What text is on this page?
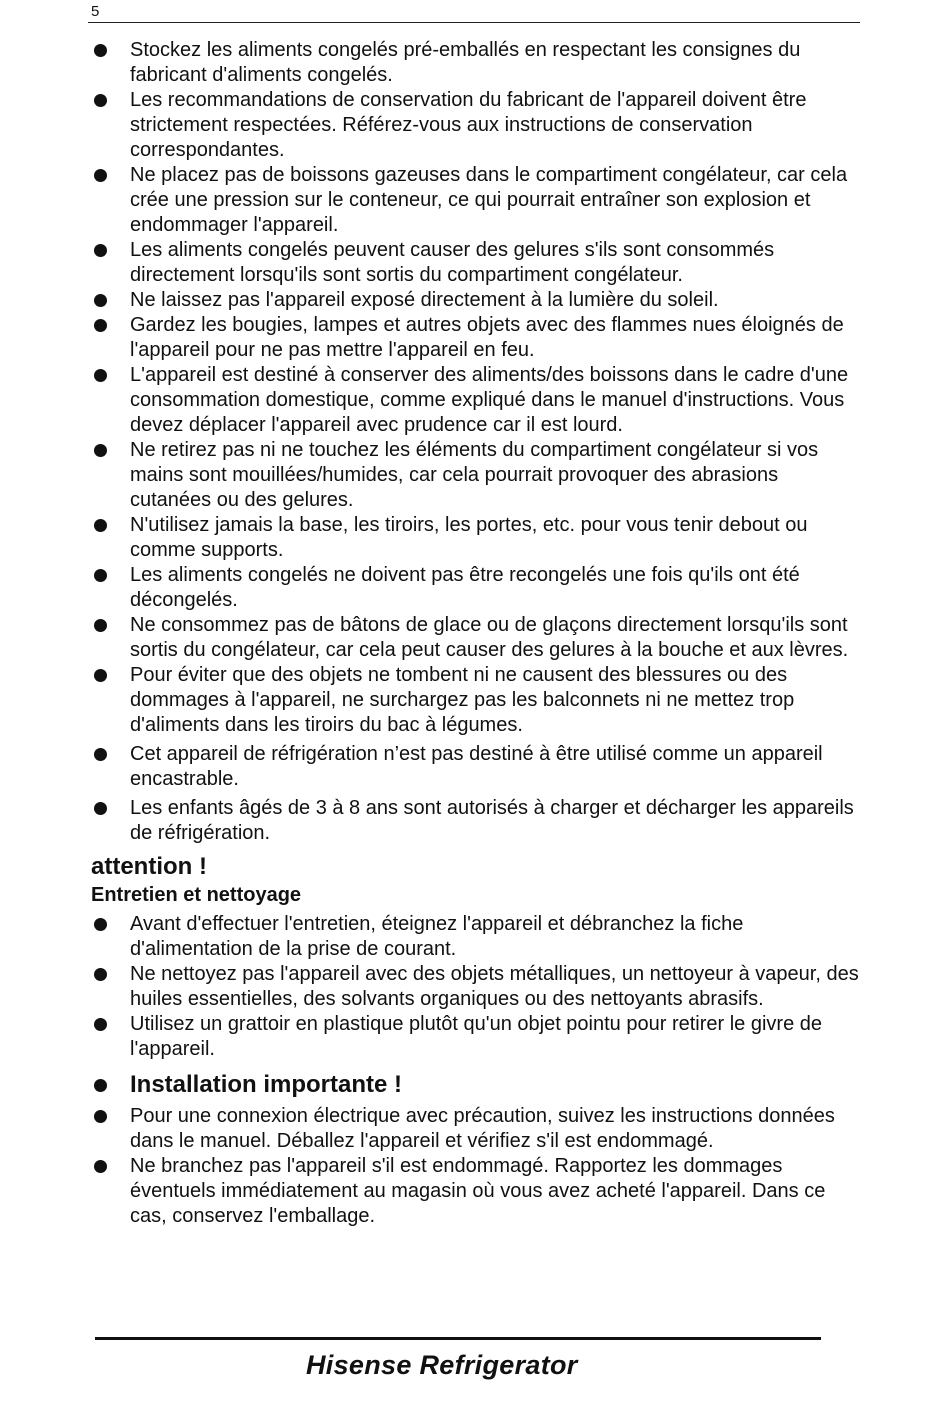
5
Stockez les aliments congelés pré-emballés en respectant les consignes du fabricant d'aliments congelés.
Les recommandations de conservation du fabricant de l'appareil doivent être strictement respectées. Référez-vous aux instructions de conservation correspondantes.
Ne placez pas de boissons gazeuses dans le compartiment congélateur, car cela crée une pression sur le conteneur, ce qui pourrait entraîner son explosion et endommager l'appareil.
Les aliments congelés peuvent causer des gelures s'ils sont consommés directement lorsqu'ils sont sortis du compartiment congélateur.
Ne laissez pas l'appareil exposé directement à la lumière du soleil.
Gardez les bougies, lampes et autres objets avec des flammes nues éloignés de l'appareil pour ne pas mettre l'appareil en feu.
L'appareil est destiné à conserver des aliments/des boissons dans le cadre d'une consommation domestique, comme expliqué dans le manuel d'instructions. Vous devez déplacer l'appareil avec prudence car il est lourd.
Ne retirez pas ni ne touchez les éléments du compartiment congélateur si vos mains sont mouillées/humides, car cela pourrait provoquer des abrasions cutanées ou des gelures.
N'utilisez jamais la base, les tiroirs, les portes, etc. pour vous tenir debout ou comme supports.
Les aliments congelés ne doivent pas être recongelés une fois qu'ils ont été décongelés.
Ne consommez pas de bâtons de glace ou de glaçons directement lorsqu'ils sont sortis du congélateur, car cela peut causer des gelures à la bouche et aux lèvres.
Pour éviter que des objets ne tombent ni ne causent des blessures ou des dommages à l'appareil, ne surchargez pas les balconnets ni ne mettez trop d'aliments dans les tiroirs du bac à légumes.
Cet appareil de réfrigération n’est pas destiné à être utilisé comme un appareil encastrable.
Les enfants âgés de 3 à 8 ans sont autorisés à charger et décharger les appareils de réfrigération.
attention !
Entretien et nettoyage
Avant d'effectuer l'entretien, éteignez l'appareil et débranchez la fiche d'alimentation de la prise de courant.
Ne nettoyez pas l'appareil avec des objets métalliques, un nettoyeur à vapeur, des huiles essentielles, des solvants organiques ou des nettoyants abrasifs.
Utilisez un grattoir en plastique plutôt qu'un objet pointu pour retirer le givre de l'appareil.
Installation importante !
Pour une connexion électrique avec précaution, suivez les instructions données dans le manuel. Déballez l'appareil et vérifiez s'il est endommagé.
Ne branchez pas l'appareil s'il est endommagé. Rapportez les dommages éventuels immédiatement au magasin où vous avez acheté l'appareil. Dans ce cas, conservez l'emballage.
Hisense Refrigerator
